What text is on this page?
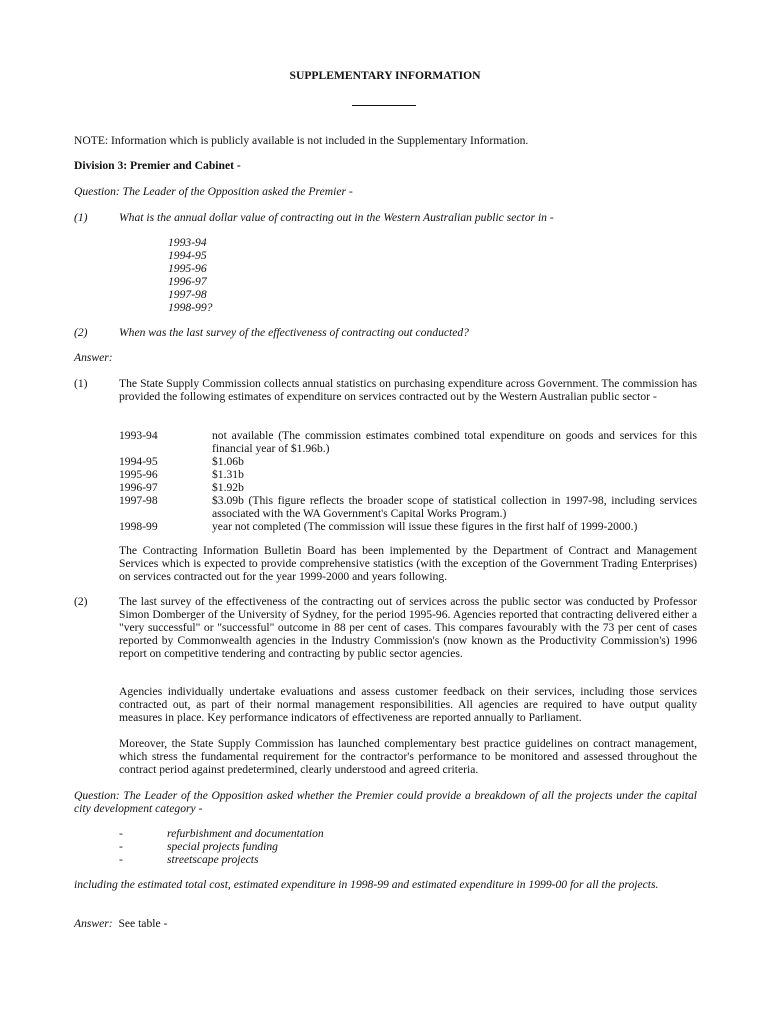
SUPPLEMENTARY INFORMATION
NOTE: Information which is publicly available is not included in the Supplementary Information.
Division 3: Premier and Cabinet -
Question: The Leader of the Opposition asked the Premier -
(1)	What is the annual dollar value of contracting out in the Western Australian public sector in -
1993-94
1994-95
1995-96
1996-97
1997-98
1998-99?
(2)	When was the last survey of the effectiveness of contracting out conducted?
Answer:
(1)	The State Supply Commission collects annual statistics on purchasing expenditure across Government. The commission has provided the following estimates of expenditure on services contracted out by the Western Australian public sector -
1993-94	not available (The commission estimates combined total expenditure on goods and services for this financial year of $1.96b.)
1994-95	$1.06b
1995-96	$1.31b
1996-97	$1.92b
1997-98	$3.09b (This figure reflects the broader scope of statistical collection in 1997-98, including services associated with the WA Government's Capital Works Program.)
1998-99	year not completed (The commission will issue these figures in the first half of 1999-2000.)
The Contracting Information Bulletin Board has been implemented by the Department of Contract and Management Services which is expected to provide comprehensive statistics (with the exception of the Government Trading Enterprises) on services contracted out for the year 1999-2000 and years following.
(2)	The last survey of the effectiveness of the contracting out of services across the public sector was conducted by Professor Simon Domberger of the University of Sydney, for the period 1995-96. Agencies reported that contracting delivered either a "very successful" or "successful" outcome in 88 per cent of cases. This compares favourably with the 73 per cent of cases reported by Commonwealth agencies in the Industry Commission's (now known as the Productivity Commission's) 1996 report on competitive tendering and contracting by public sector agencies.
Agencies individually undertake evaluations and assess customer feedback on their services, including those services contracted out, as part of their normal management responsibilities. All agencies are required to have output quality measures in place. Key performance indicators of effectiveness are reported annually to Parliament.
Moreover, the State Supply Commission has launched complementary best practice guidelines on contract management, which stress the fundamental requirement for the contractor's performance to be monitored and assessed throughout the contract period against predetermined, clearly understood and agreed criteria.
Question: The Leader of the Opposition asked whether the Premier could provide a breakdown of all the projects under the capital city development category -
-	refurbishment and documentation
-	special projects funding
-	streetscape projects
including the estimated total cost, estimated expenditure in 1998-99 and estimated expenditure in 1999-00 for all the projects.
Answer:  See table -
